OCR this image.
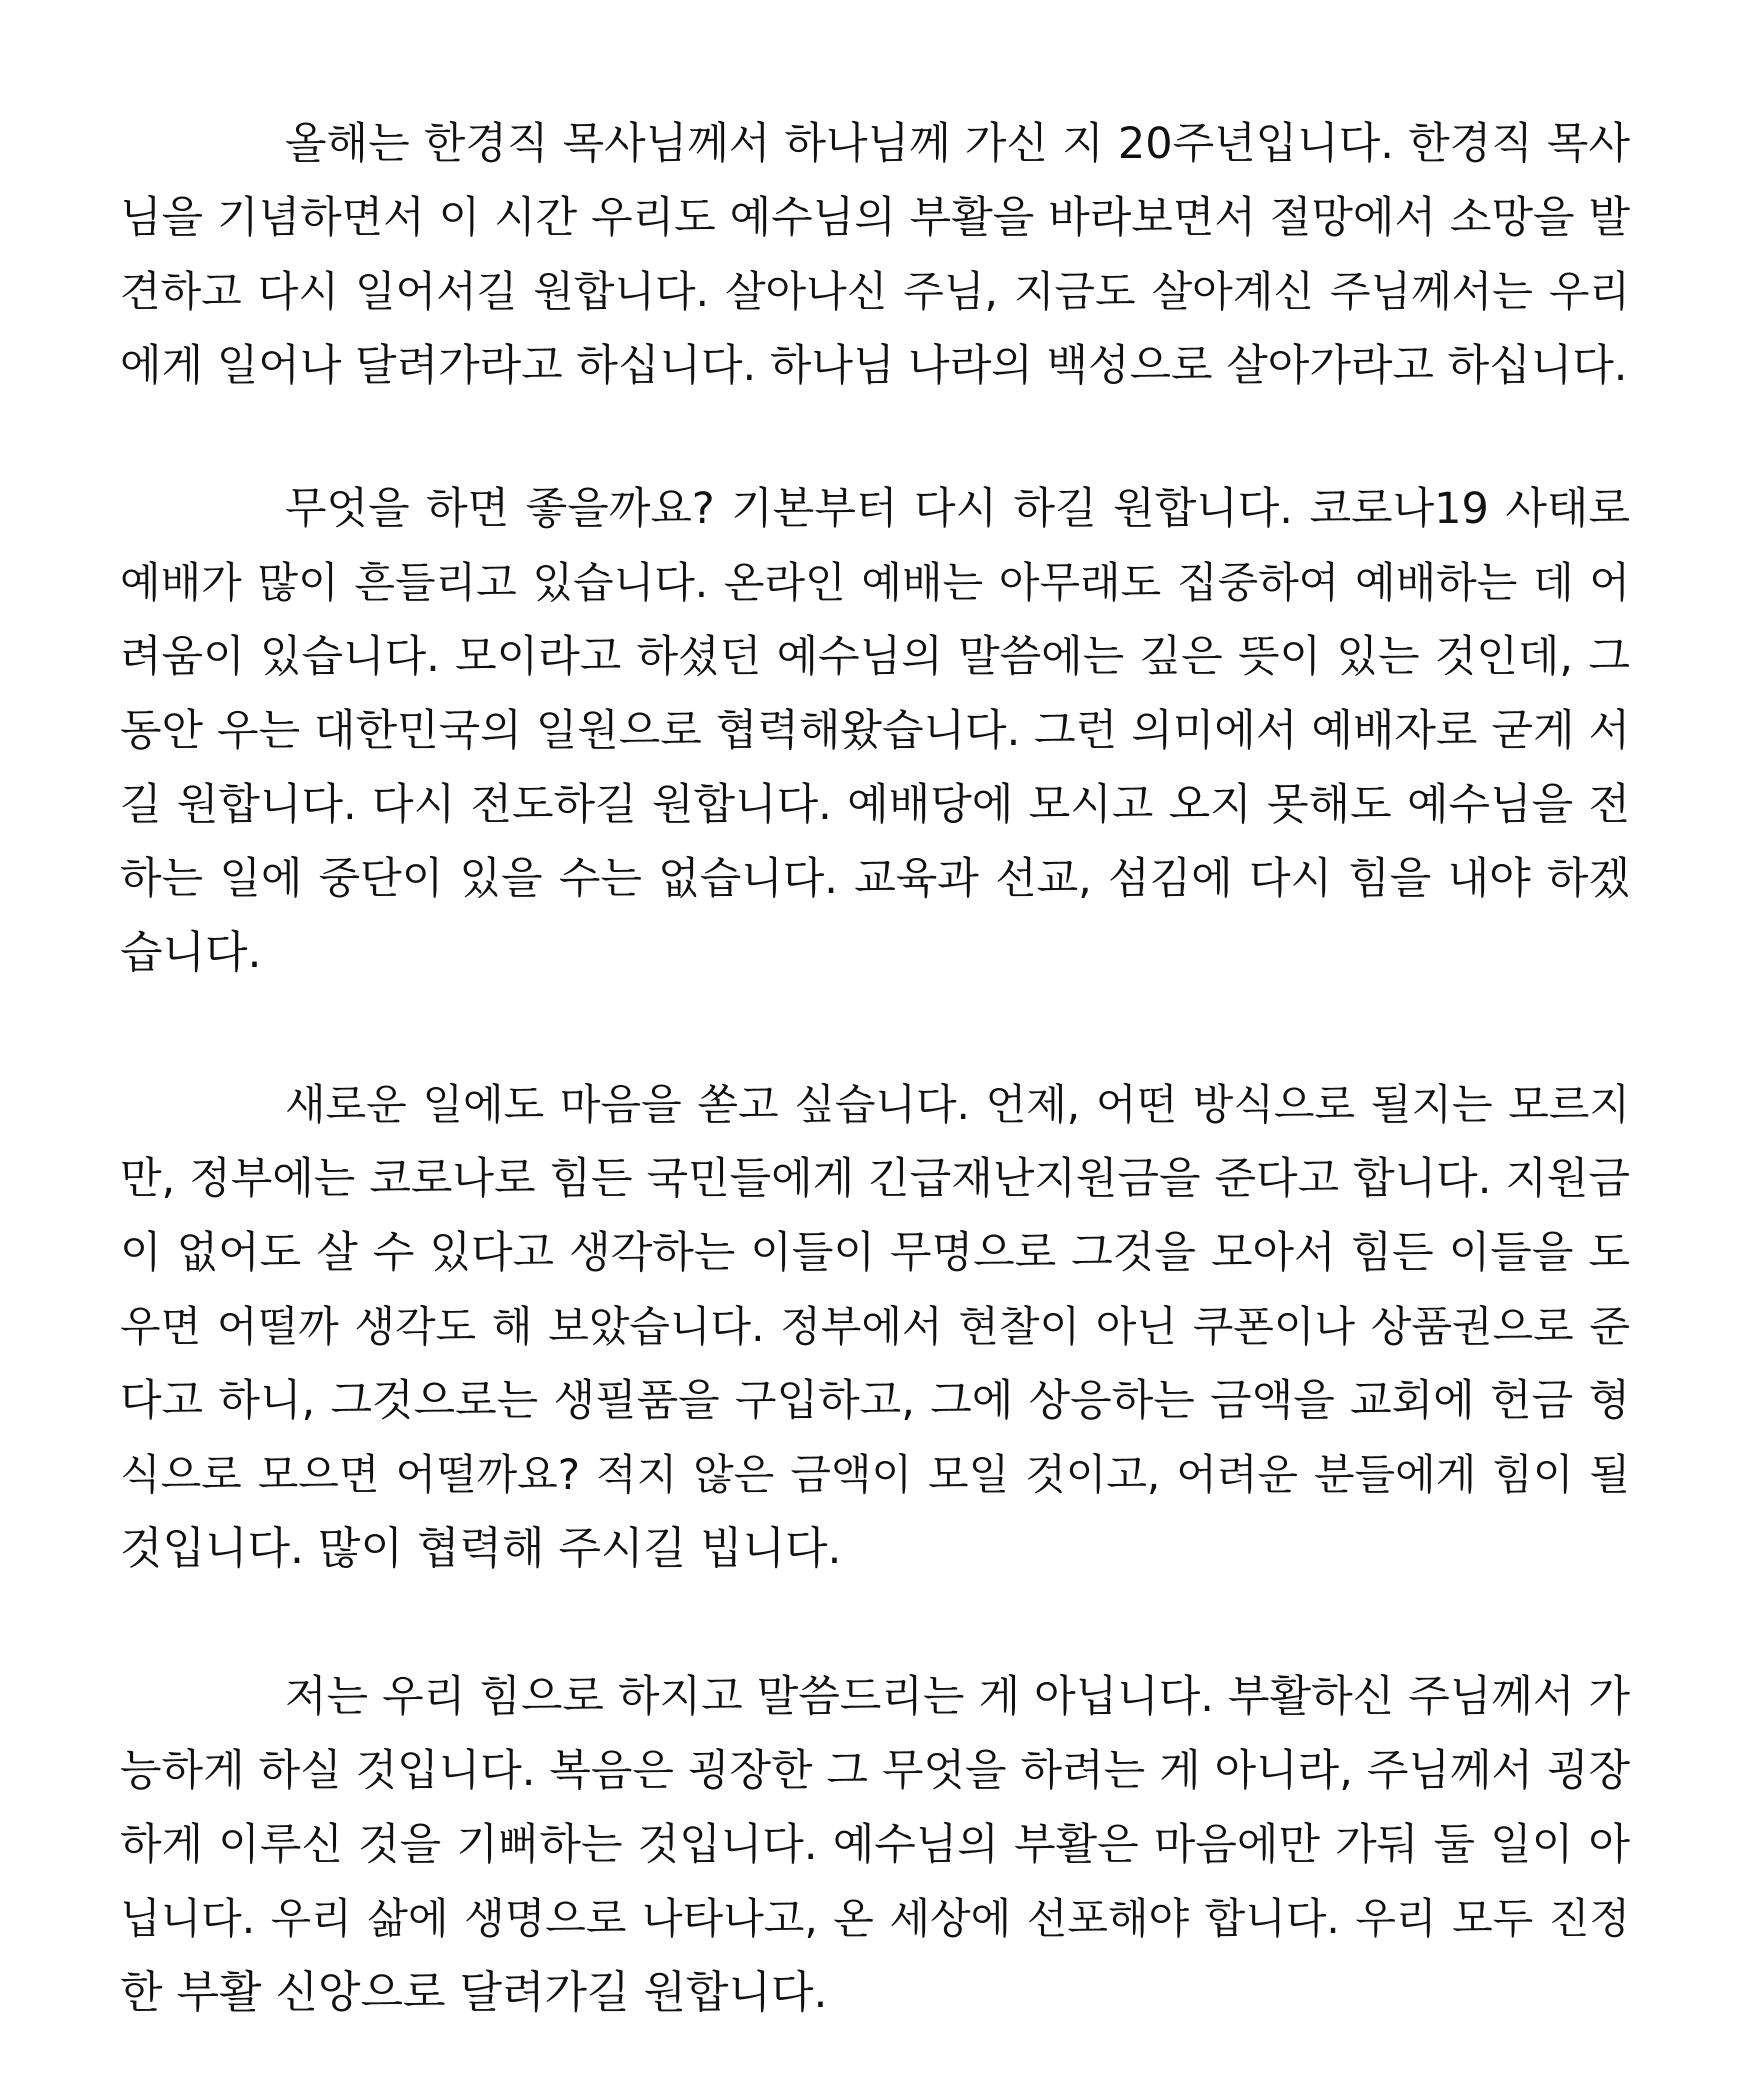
올해는 한경직 목사님께서 하나님께 가신 지 20주년입니다. 한경직 목사
님을 기념하면서 이 시간 우리도 예수님의 부활을 바라보면서 절망에서 소망을 발
견하고 다시 일어서길 원합니다. 살아나신 주님, 지금도 살아계신 주님께서는 우리
에게 일어나 달려가라고 하십니다. 하나님 나라의 백성으로 살아가라고 하십니다.
무엇을 하면 좋을까요? 기본부터 다시 하길 원합니다. 코로나19 사태로
예배가 많이 흔들리고 있습니다. 온라인 예배는 아무래도 집중하여 예배하는 데 어
려움이 있습니다. 모이라고 하셨던 예수님의 말씀에는 깊은 뜻이 있는 것인데, 그
동안 우는 대한민국의 일원으로 협력해왔습니다. 그런 의미에서 예배자로 굳게 서
길 원합니다. 다시 전도하길 원합니다. 예배당에 모시고 오지 못해도 예수님을 전
하는 일에 중단이 있을 수는 없습니다. 교육과 선교, 섬김에 다시 힘을 내야 하겠
습니다.
새로운 일에도 마음을 쏟고 싶습니다. 언제, 어떤 방식으로 될지는 모르지
만, 정부에는 코로나로 힘든 국민들에게 긴급재난지원금을 준다고 합니다. 지원금
이 없어도 살 수 있다고 생각하는 이들이 무명으로 그것을 모아서 힘든 이들을 도
우면 어떨까 생각도 해 보았습니다. 정부에서 현찰이 아닌 쿠폰이나 상품권으로 준
다고 하니, 그것으로는 생필품을 구입하고, 그에 상응하는 금액을 교회에 헌금 형
식으로 모으면 어떨까요? 적지 않은 금액이 모일 것이고, 어려운 분들에게 힘이 될
것입니다. 많이 협력해 주시길 빕니다.
저는 우리 힘으로 하지고 말씀드리는 게 아닙니다. 부활하신 주님께서 가
능하게 하실 것입니다. 복음은 굉장한 그 무엇을 하려는 게 아니라, 주님께서 굉장
하게 이루신 것을 기뻐하는 것입니다. 예수님의 부활은 마음에만 가둬 둘 일이 아
닙니다. 우리 삶에 생명으로 나타나고, 온 세상에 선포해야 합니다. 우리 모두 진정
한 부활 신앙으로 달려가길 원합니다.
